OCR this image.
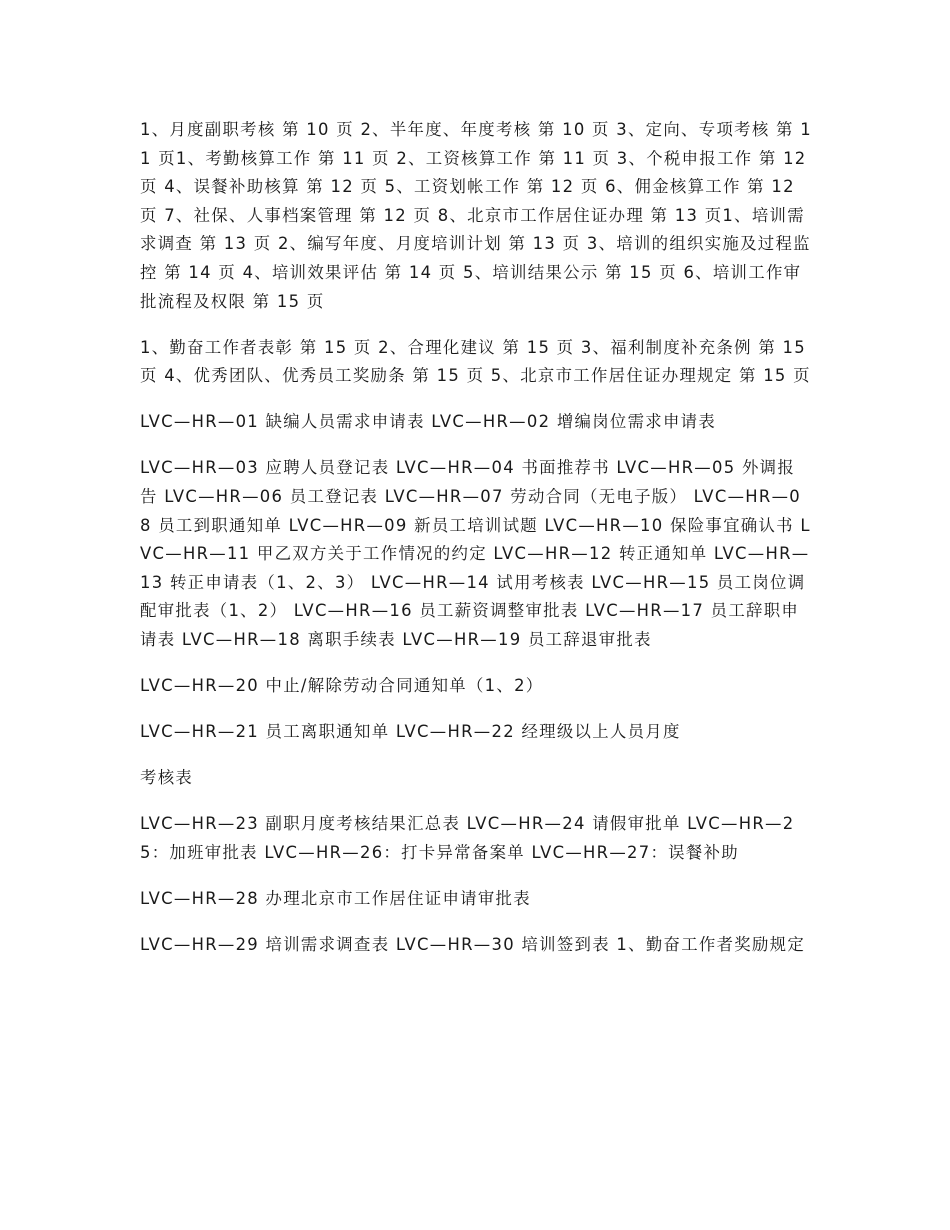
1、月度副职考核 第 10 页 2、半年度、年度考核 第 10 页 3、定向、专项考核 第 11 页1、考勤核算工作 第 11 页 2、工资核算工作 第 11 页 3、个税申报工作 第 12 页 4、误餐补助核算 第 12 页 5、工资划帐工作 第 12 页 6、佣金核算工作 第 12 页 7、社保、人事档案管理 第 12 页 8、北京市工作居住证办理 第 13 页1、培训需求调查 第 13 页 2、编写年度、月度培训计划 第 13 页 3、培训的组织实施及过程监控 第 14 页 4、培训效果评估 第 14 页 5、培训结果公示 第 15 页 6、培训工作审批流程及权限 第 15 页

1、勤奋工作者表彰 第 15 页 2、合理化建议 第 15 页 3、福利制度补充条例 第 15 页 4、优秀团队、优秀员工奖励条 第 15 页 5、北京市工作居住证办理规定 第 15 页

LVC—HR—01 缺编人员需求申请表 LVC—HR—02 增编岗位需求申请表

LVC—HR—03 应聘人员登记表 LVC—HR—04 书面推荐书 LVC—HR—05 外调报告 LVC—HR—06 员工登记表 LVC—HR—07 劳动合同（无电子版） LVC—HR—08 员工到职通知单 LVC—HR—09 新员工培训试题 LVC—HR—10 保险事宜确认书 LVC—HR—11 甲乙双方关于工作情况的约定 LVC—HR—12 转正通知单 LVC—HR—13 转正申请表（1、2、3） LVC—HR—14 试用考核表 LVC—HR—15 员工岗位调配审批表（1、2） LVC—HR—16 员工薪资调整审批表 LVC—HR—17 员工辞职申请表 LVC—HR—18 离职手续表 LVC—HR—19 员工辞退审批表

LVC—HR—20 中止/解除劳动合同通知单（1、2）

LVC—HR—21 员工离职通知单 LVC—HR—22 经理级以上人员月度

考核表

LVC—HR—23 副职月度考核结果汇总表 LVC—HR—24 请假审批单 LVC—HR—25：加班审批表 LVC—HR—26：打卡异常备案单 LVC—HR—27：误餐补助

LVC—HR—28 办理北京市工作居住证申请审批表

LVC—HR—29 培训需求调查表 LVC—HR—30 培训签到表 1、勤奋工作者奖励规定
